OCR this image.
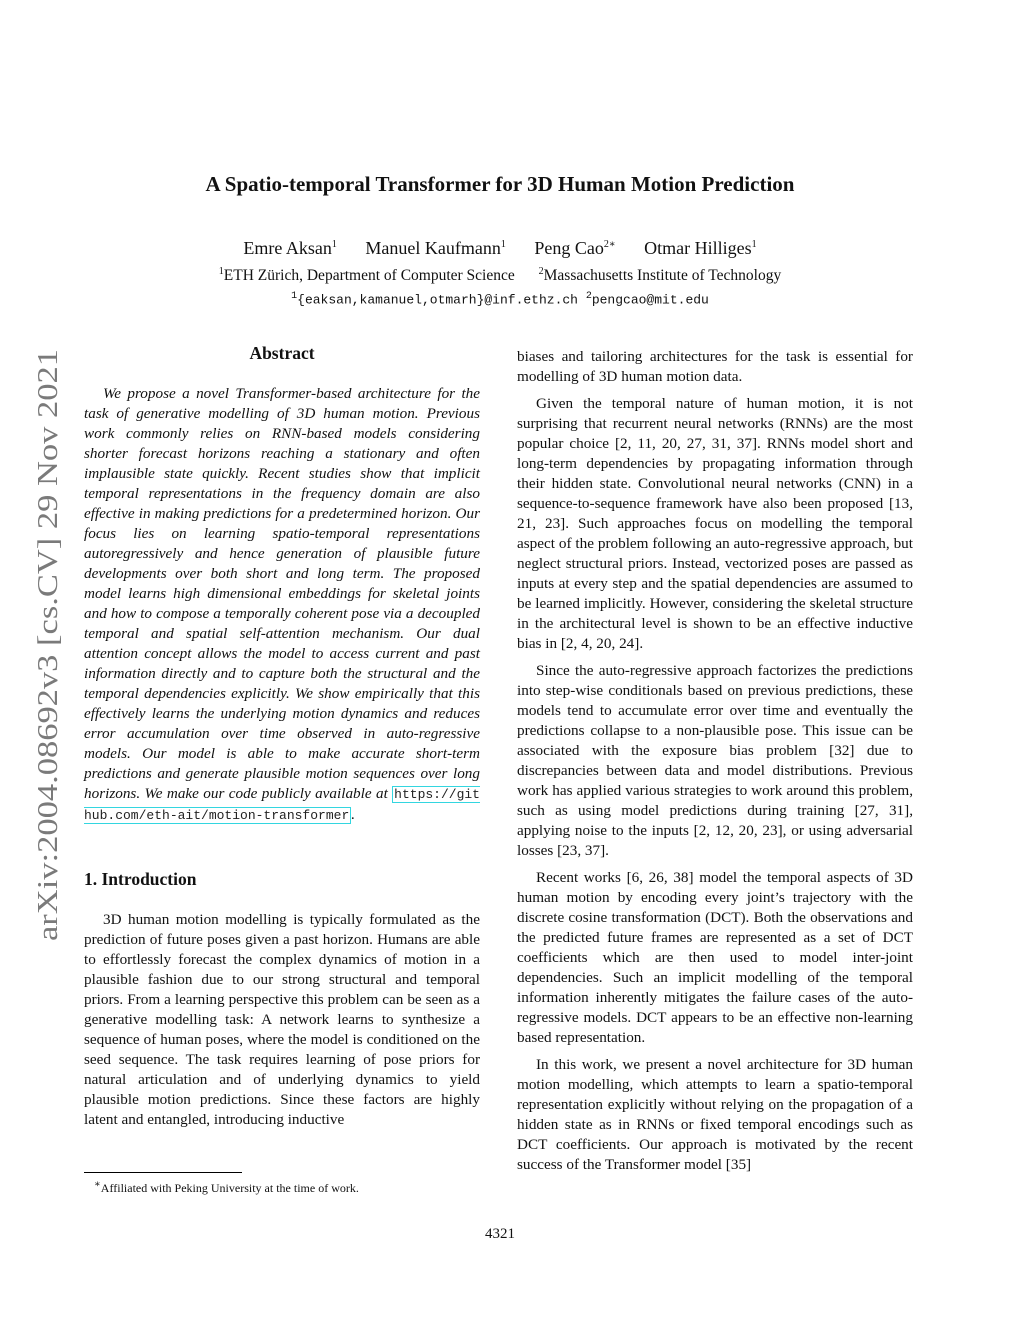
A Spatio-temporal Transformer for 3D Human Motion Prediction
Emre Aksan$^1$ Manuel Kaufmann$^1$ Peng Cao$^{2∗}$ Otmar Hilliges$^1$
$^1$ETH Zürich, Department of Computer Science $^2$Massachusetts Institute of Technology
$^1${eaksan,kamanuel,otmarh}@inf.ethz.ch $^2$pengcao@mit.edu
arXiv:2004.08692v3 [cs.CV] 29 Nov 2021
Abstract

We propose a novel Transformer-based architecture for the task of generative modelling of 3D human motion. Previous work commonly relies on RNN-based models considering shorter forecast horizons reaching a stationary and often implausible state quickly. Recent studies show that implicit temporal representations in the frequency domain are also effective in making predictions for a predetermined horizon. Our focus lies on learning spatio-temporal representations autoregressively and hence generation of plausible future developments over both short and long term. The proposed model learns high dimensional embeddings for skeletal joints and how to compose a temporally coherent pose via a decoupled temporal and spatial self-attention mechanism. Our dual attention concept allows the model to access current and past information directly and to capture both the structural and the temporal dependencies explicitly. We show empirically that this effectively learns the underlying motion dynamics and reduces error accumulation over time observed in auto-regressive models. Our model is able to make accurate short-term predictions and generate plausible motion sequences over long horizons. We make our code publicly available at https://github.com/eth-ait/motion-transformer .

1. Introduction

3D human motion modelling is typically formulated as the prediction of future poses given a past horizon. Humans are able to effortlessly forecast the complex dynamics of motion in a plausible fashion due to our strong structural and temporal priors. From a learning perspective this problem can be seen as a generative modelling task: A network learns to synthesize a sequence of human poses, where the model is conditioned on the seed sequence. The task requires learning of pose priors for natural articulation and of underlying dynamics to yield plausible motion predictions. Since these factors are highly latent and entangled, introducing inductive

biases and tailoring architectures for the task is essential for modelling of 3D human motion data.

Given the temporal nature of human motion, it is not surprising that recurrent neural networks (RNNs) are the most popular choice [2, 11, 20, 27, 31, 37]. RNNs model short and long-term dependencies by propagating information through their hidden state. Convolutional neural networks (CNN) in a sequence-to-sequence framework have also been proposed [13, 21, 23]. Such approaches focus on modelling the temporal aspect of the problem following an auto-regressive approach, but neglect structural priors. Instead, vectorized poses are passed as inputs at every step and the spatial dependencies are assumed to be learned implicitly. However, considering the skeletal structure in the architectural level is shown to be an effective inductive bias in [2, 4, 20, 24].

Since the auto-regressive approach factorizes the predictions into step-wise conditionals based on previous predictions, these models tend to accumulate error over time and eventually the predictions collapse to a non-plausible pose. This issue can be associated with the exposure bias problem [32] due to discrepancies between data and model distributions. Previous work has applied various strategies to work around this problem, such as using model predictions during training [27, 31], applying noise to the inputs [2, 12, 20, 23], or using adversarial losses [23, 37].

Recent works [6, 26, 38] model the temporal aspects of 3D human motion by encoding every joint’s trajectory with the discrete cosine transformation (DCT). Both the observations and the predicted future frames are represented as a set of DCT coefficients which are then used to model inter-joint dependencies. Such an implicit modelling of the temporal information inherently mitigates the failure cases of the auto-regressive models. DCT appears to be an effective non-learning based representation.

In this work, we present a novel architecture for 3D human motion modelling, which attempts to learn a spatio-temporal representation explicitly without relying on the propagation of a hidden state as in RNNs or fixed temporal encodings such as DCT coefficients. Our approach is motivated by the recent success of the Transformer model [35]

∗Affiliated with Peking University at the time of work.
4321
